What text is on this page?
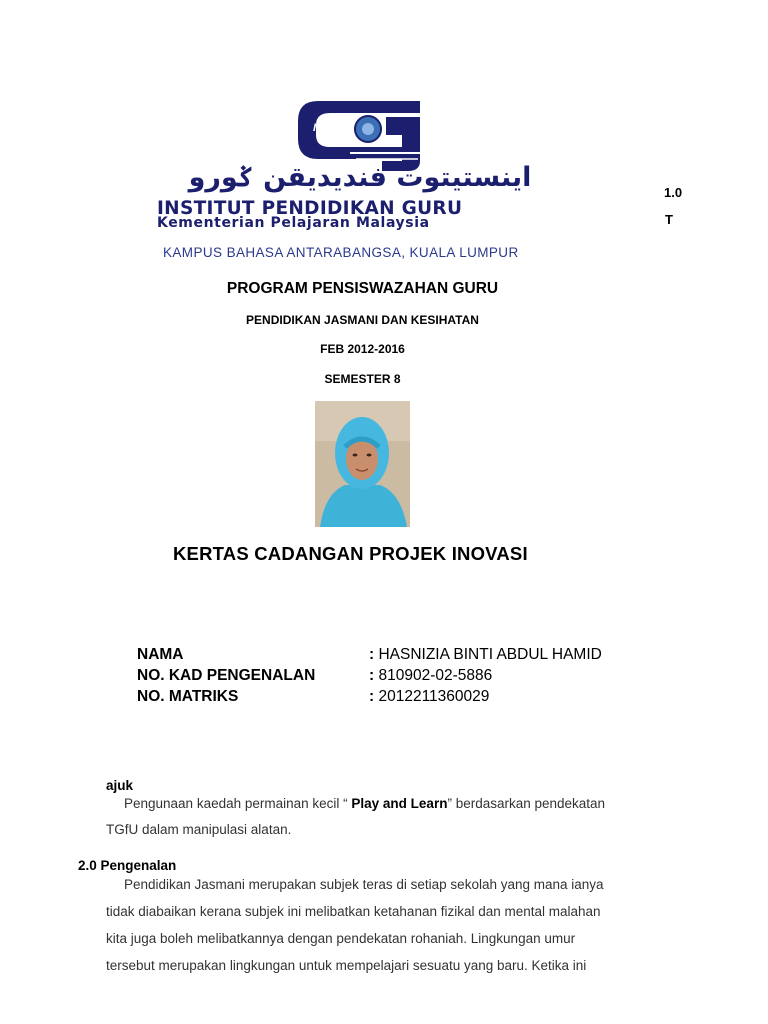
IPG
اينستيتوت فنديديقن ݢورو
INSTITUT PENDIDIKAN GURU
Kementerian Pelajaran Malaysia
KAMPUS BAHASA ANTARABANGSA, KUALA LUMPUR
1.0
T
PROGRAM PENSISWAZAHAN GURU
PENDIDIKAN JASMANI DAN KESIHATAN
FEB 2012-2016
SEMESTER 8
KERTAS CADANGAN PROJEK INOVASI
NAMA	: HASNIZIA BINTI ABDUL HAMID
NO. KAD PENGENALAN	: 810902-02-5886
NO. MATRIKS	: 2012211360029
ajuk
Pengunaan kaedah permainan kecil “ Play and Learn” berdasarkan pendekatan
TGfU dalam manipulasi alatan.
2.0 Pengenalan
Pendidikan Jasmani merupakan subjek teras di setiap sekolah yang mana ianya
tidak diabaikan kerana subjek ini melibatkan ketahanan fizikal dan mental malahan
kita juga boleh melibatkannya dengan pendekatan rohaniah. Lingkungan umur
tersebut merupakan lingkungan untuk mempelajari sesuatu yang baru. Ketika ini
